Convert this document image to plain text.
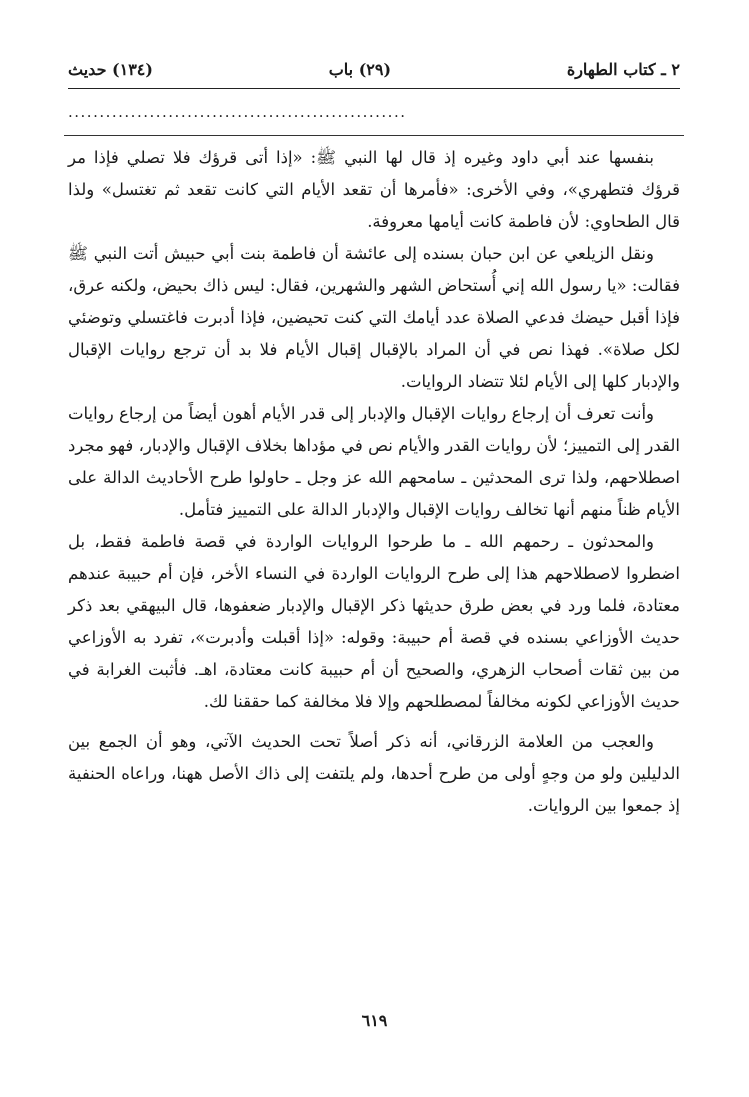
٢ ـ كتاب الطهارة
(٢٩) باب
(١٣٤) حديث
......................................................

بنفسها عند أبي داود وغيره إذ قال لها النبي ﷺ: «إذا أتى قرؤك فلا تصلي فإذا مر قرؤك فتطهري»، وفي الأخرى: «فأمرها أن تقعد الأيام التي كانت تقعد ثم تغتسل» ولذا قال الطحاوي: لأن فاطمة كانت أيامها معروفة.

ونقل الزيلعي عن ابن حبان بسنده إلى عائشة أن فاطمة بنت أبي حبيش أتت النبي ﷺ فقالت: «يا رسول الله إني أُستحاض الشهر والشهرين، فقال: ليس ذاك بحيض، ولكنه عرق، فإذا أقبل حيضك فدعي الصلاة عدد أيامك التي كنت تحيضين، فإذا أدبرت فاغتسلي وتوضئي لكل صلاة». فهذا نص في أن المراد بالإقبال إقبال الأيام فلا بد أن ترجع روايات الإقبال والإدبار كلها إلى الأيام لئلا تتضاد الروايات.

وأنت تعرف أن إرجاع روايات الإقبال والإدبار إلى قدر الأيام أهون أيضاً من إرجاع روايات القدر إلى التمييز؛ لأن روايات القدر والأيام نص في مؤداها بخلاف الإقبال والإدبار، فهو مجرد اصطلاحهم، ولذا ترى المحدثين ـ سامحهم الله عز وجل ـ حاولوا طرح الأحاديث الدالة على الأيام ظناً منهم أنها تخالف روايات الإقبال والإدبار الدالة على التمييز فتأمل.

والمحدثون ـ رحمهم الله ـ ما طرحوا الروايات الواردة في قصة فاطمة فقط، بل اضطروا لاصطلاحهم هذا إلى طرح الروايات الواردة في النساء الأخر، فإن أم حبيبة عندهم معتادة، فلما ورد في بعض طرق حديثها ذكر الإقبال والإدبار ضعفوها، قال البيهقي بعد ذكر حديث الأوزاعي بسنده في قصة أم حبيبة: وقوله: «إذا أقبلت وأدبرت»، تفرد به الأوزاعي من بين ثقات أصحاب الزهري، والصحيح أن أم حبيبة كانت معتادة، اهـ. فأثبت الغرابة في حديث الأوزاعي لكونه مخالفاً لمصطلحهم وإلا فلا مخالفة كما حققنا لك.

والعجب من العلامة الزرقاني، أنه ذكر أصلاً تحت الحديث الآتي، وهو أن الجمع بين الدليلين ولو من وجهٍ أولى من طرح أحدها، ولم يلتفت إلى ذاك الأصل ههنا، وراعاه الحنفية إذ جمعوا بين الروايات.

٦١٩
